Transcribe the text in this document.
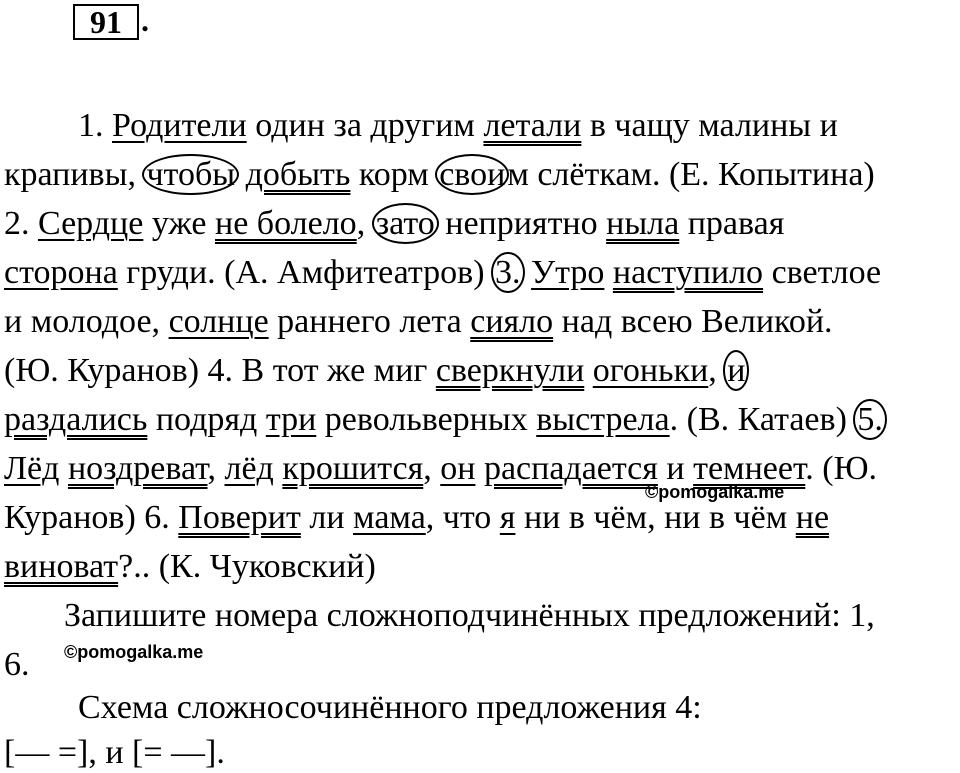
91 .
1. Родители один за другим летали в чащу малины и
крапивы, чтобы добыть корм своим слёткам. (Е. Копытина)
2. Сердце уже не болело, зато неприятно ныла правая
сторона груди. (А. Амфитеатров) 3. Утро наступило светлое
и молодое, солнце раннего лета сияло над всею Великой.
(Ю. Куранов) 4. В тот же миг сверкнули огоньки, и
раздались подряд три револьверных выстрела. (В. Катаев) 5.
Лёд ноздреват, лёд крошится, он распадается и темнеет. (Ю.
©pomogalka.me
Куранов) 6. Поверит ли мама, что я ни в чём, ни в чём не
виноват?.. (К. Чуковский)
Запишите номера сложноподчинённых предложений: 1,
6. ©pomogalka.me
Схема сложносочинённого предложения 4:
[— =], и [= —].
